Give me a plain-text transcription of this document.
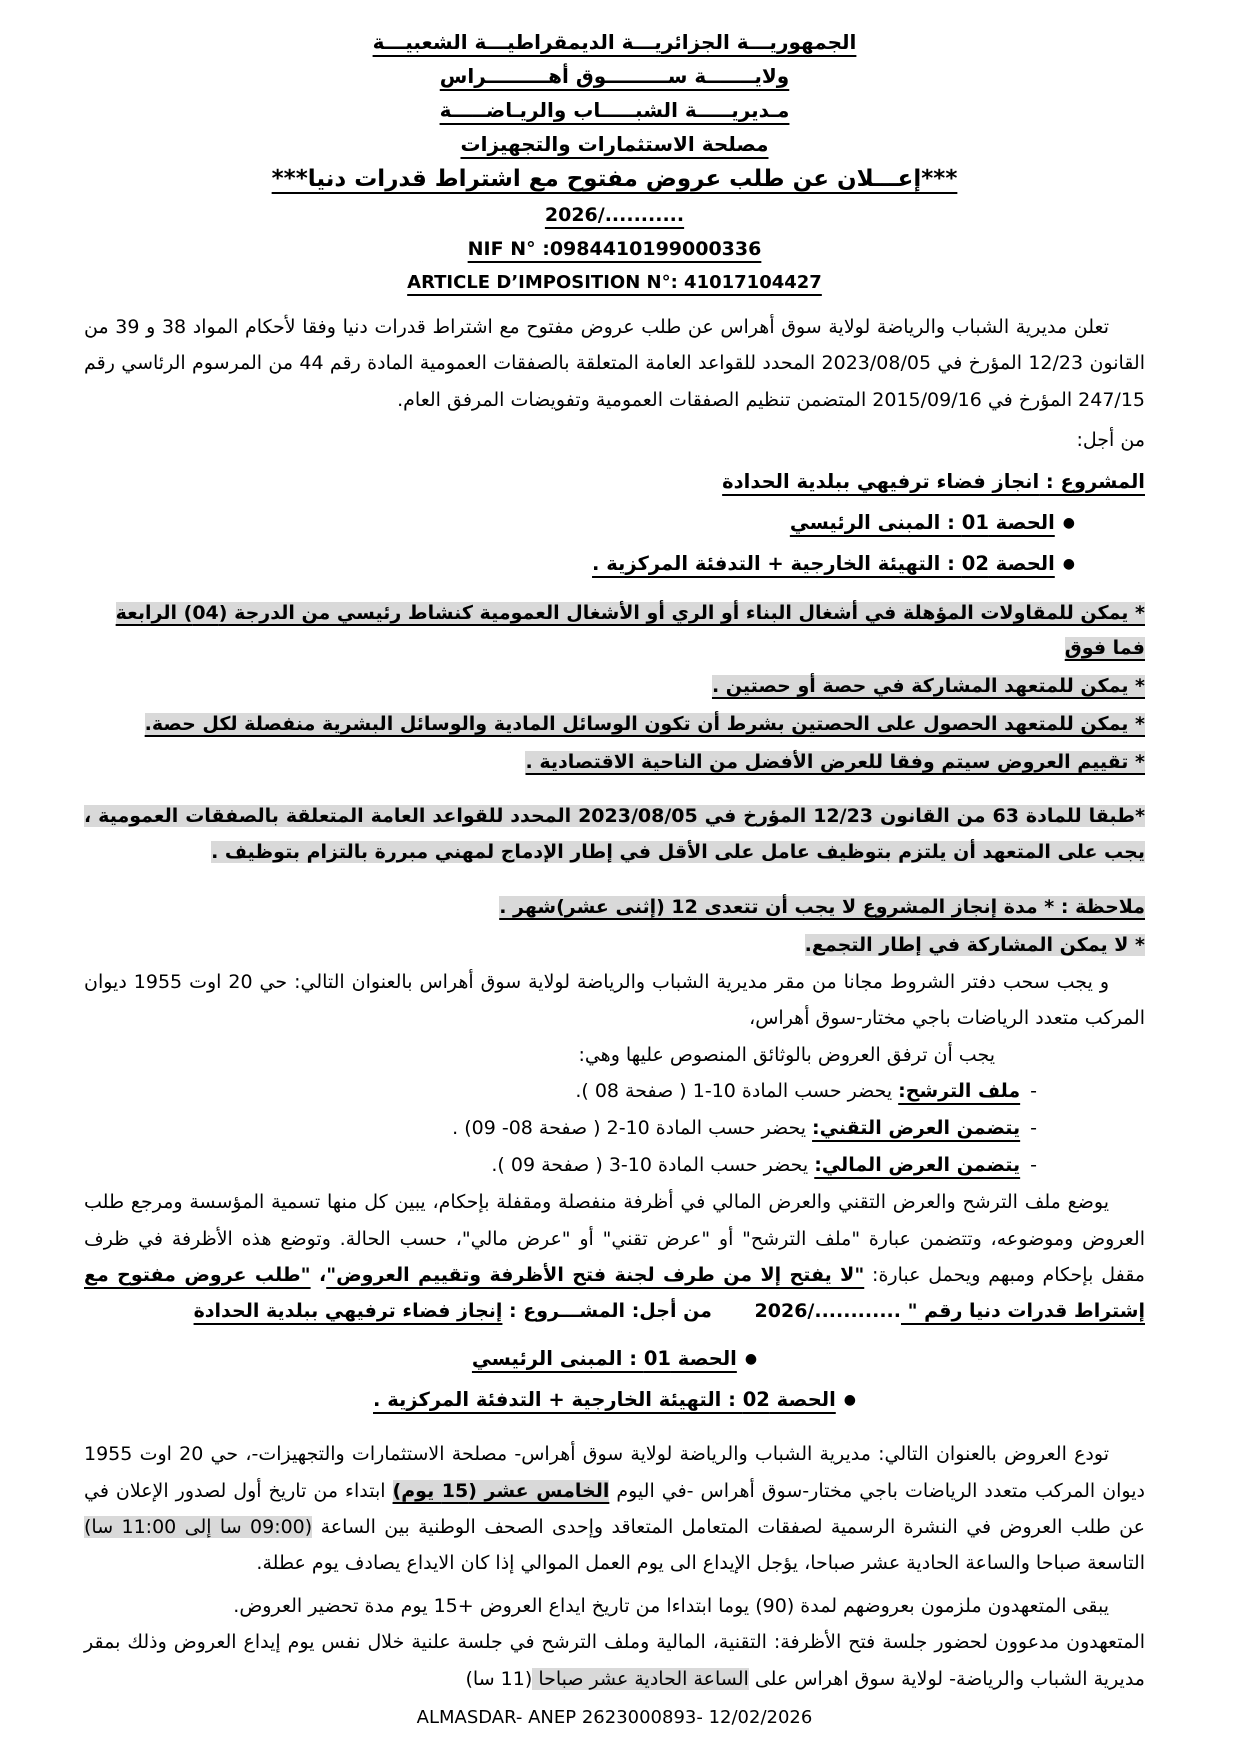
الجمهوريـــة الجزائريـــة الديمقراطيـــة الشعبيـــة
ولايـــــــة ســـــــــوق أهـــــــــراس
مـديريـــــة الشبـــــاب والريـاضـــــة
مصلحة الاستثمارات والتجهيزات
***إعـــلان عن طلب عروض مفتوح مع اشتراط قدرات دنيا***
2026/...........
NIF N° :0984410199000336
ARTICLE D’IMPOSITION N°: 41017104427

تعلن مديرية الشباب والرياضة لولاية سوق أهراس عن طلب عروض مفتوح مع اشتراط قدرات دنيا وفقا لأحكام المواد 38 و 39 من القانون 12/23 المؤرخ في 2023/08/05 المحدد للقواعد العامة المتعلقة بالصفقات العمومية المادة رقم 44 من المرسوم الرئاسي رقم 247/15 المؤرخ في 2015/09/16 المتضمن تنظيم الصفقات العمومية وتفويضات المرفق العام.

من أجل:

المشروع : انجاز فضاء ترفيهي ببلدية الحدادة

●الحصة 01 : المبنى الرئيسي

●الحصة 02 : التهيئة الخارجية + التدفئة المركزية .

* يمكن للمقاولات المؤهلة في أشغال البناء أو الري أو الأشغال العمومية كنشاط رئيسي من الدرجة (04) الرابعة فما فوق

* يمكن للمتعهد المشاركة في حصة أو حصتين .

* يمكن للمتعهد الحصول على الحصتين بشرط أن تكون الوسائل المادية والوسائل البشرية منفصلة لكل حصة.

* تقييم العروض سيتم وفقا للعرض الأفضل من الناحية الاقتصادية .

*طبقا للمادة 63 من القانون 12/23 المؤرخ في 2023/08/05 المحدد للقواعد العامة المتعلقة بالصفقات العمومية ، يجب على المتعهد أن يلتزم بتوظيف عامل على الأقل في إطار الإدماج لمهني مبررة بالتزام بتوظيف .

ملاحظة : * مدة إنجاز المشروع لا يجب أن تتعدى 12 (إثنى عشر)شهر .

* لا يمكن المشاركة في إطار التجمع.

و يجب سحب دفتر الشروط مجانا من مقر مديرية الشباب والرياضة لولاية سوق أهراس بالعنوان التالي: حي 20 اوت 1955 ديوان المركب متعدد الرياضات باجي مختار-سوق أهراس،

يجب أن ترفق العروض بالوثائق المنصوص عليها وهي:

-ملف الترشح: يحضر حسب المادة 10-1 ( صفحة 08 ).

-يتضمن العرض التقني: يحضر حسب المادة 10-2 ( صفحة 08- 09) .

-يتضمن العرض المالي: يحضر حسب المادة 10-3 ( صفحة 09 ).

يوضع ملف الترشح والعرض التقني والعرض المالي في أظرفة منفصلة ومقفلة بإحكام، يبين كل منها تسمية المؤسسة ومرجع طلب العروض وموضوعه، وتتضمن عبارة "ملف الترشح" أو "عرض تقني" أو "عرض مالي"، حسب الحالة. وتوضع هذه الأظرفة في ظرف مقفل بإحكام ومبهم ويحمل عبارة: "لا يفتح إلا من طرف لجنة فتح الأظرفة وتقييم العروض"، "طلب عروض مفتوح مع إشتراط قدرات دنيا رقم " 2026/............ من أجل: المشـــروع : إنجاز فضاء ترفيهي ببلدية الحدادة

●الحصة 01 : المبنى الرئيسي

●الحصة 02 : التهيئة الخارجية + التدفئة المركزية .

تودع العروض بالعنوان التالي: مديرية الشباب والرياضة لولاية سوق أهراس- مصلحة الاستثمارات والتجهيزات-، حي 20 اوت 1955 ديوان المركب متعدد الرياضات باجي مختار-سوق أهراس -في اليوم الخامس عشر (15 يوم) ابتداء من تاريخ أول لصدور الإعلان في عن طلب العروض في النشرة الرسمية لصفقات المتعامل المتعاقد وإحدى الصحف الوطنية بين الساعة (09:00 سا إلى 11:00 سا) التاسعة صباحا والساعة الحادية عشر صباحا، يؤجل الإيداع الى يوم العمل الموالي إذا كان الايداع يصادف يوم عطلة.

يبقى المتعهدون ملزمون بعروضهم لمدة (90) يوما ابتداءا من تاريخ ايداع العروض +15 يوم مدة تحضير العروض.

المتعهدون مدعوون لحضور جلسة فتح الأظرفة: التقنية، المالية وملف الترشح في جلسة علنية خلال نفس يوم إيداع العروض وذلك بمقر مديرية الشباب والرياضة- لولاية سوق اهراس على الساعة الحادية عشر صباحا (11 سا)

ALMASDAR- ANEP 2623000893- 12/02/2026
